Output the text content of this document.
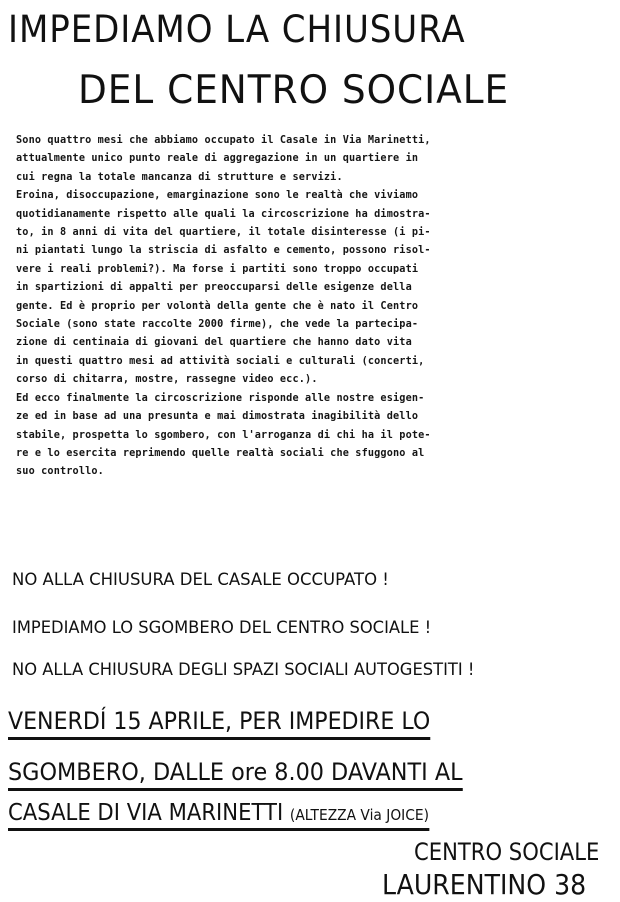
IMPEDIAMO LA CHIUSURA
DEL CENTRO SOCIALE
Sono quattro mesi che abbiamo occupato il Casale in Via Marinetti,
attualmente unico punto reale di aggregazione in un quartiere in
cui regna la totale mancanza di strutture e servizi.
Eroina, disoccupazione, emarginazione sono le realtà che viviamo
quotidianamente rispetto alle quali la circoscrizione ha dimostra-
to, in 8 anni di vita del quartiere, il totale disinteresse (i pi-
ni piantati lungo la striscia di asfalto e cemento, possono risol-
vere i reali problemi?). Ma forse i partiti sono troppo occupati
in spartizioni di appalti per preoccuparsi delle esigenze della
gente. Ed è proprio per volontà della gente che è nato il Centro
Sociale (sono state raccolte 2000 firme), che vede la partecipa-
zione di centinaia di giovani del quartiere che hanno dato vita
in questi quattro mesi ad attività sociali e culturali (concerti,
corso di chitarra, mostre, rassegne video ecc.).
Ed ecco finalmente la circoscrizione risponde alle nostre esigen-
ze ed in base ad una presunta e mai dimostrata inagibilità dello
stabile, prospetta lo sgombero, con l'arroganza di chi ha il pote-
re e lo esercita reprimendo quelle realtà sociali che sfuggono al
suo controllo.

NO ALLA CHIUSURA DEL CASALE OCCUPATO !

IMPEDIAMO LO SGOMBERO DEL CENTRO SOCIALE !

NO ALLA CHIUSURA DEGLI SPAZI SOCIALI AUTOGESTITI !

VENERDÍ 15 APRILE, PER IMPEDIRE LO

SGOMBERO, DALLE ore 8.00 DAVANTI AL

CASALE DI VIA MARINETTI (ALTEZZA Via JOICE)

CENTRO SOCIALE

LAURENTINO 38
